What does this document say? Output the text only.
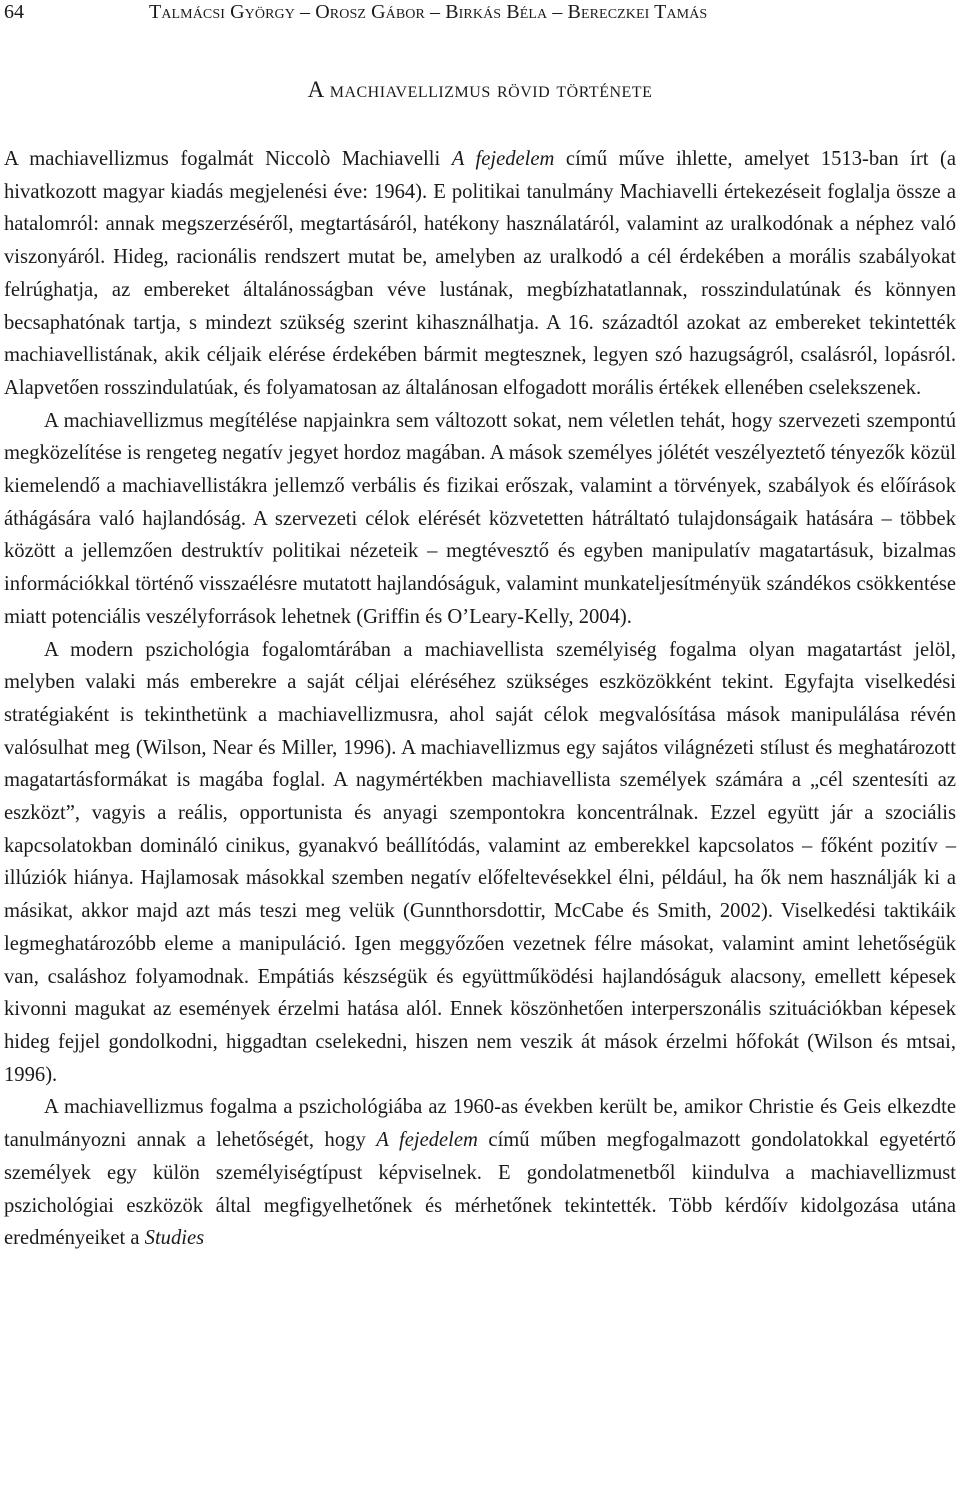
64	Talmácsi György – Orosz Gábor – Birkás Béla – Bereczkei Tamás
A machiavellizmus rövid története

A machiavellizmus fogalmát Niccolò Machiavelli A fejedelem című műve ihlette, amelyet 1513-ban írt (a hivatkozott magyar kiadás megjelenési éve: 1964). E politikai tanulmány Machiavelli értekezéseit foglalja össze a hatalomról: annak megszerzéséről, megtartásáról, hatékony használatáról, valamint az uralkodónak a néphez való viszonyáról. Hideg, racionális rendszert mutat be, amelyben az uralkodó a cél érdekében a morális szabályokat felrúghatja, az embereket általánosságban véve lustának, megbízhatatlannak, rosszindulatúnak és könnyen becsaphatónak tartja, s mindezt szükség szerint kihasználhatja. A 16. századtól azokat az embereket tekintették machiavellistának, akik céljaik elérése érdekében bármit megtesznek, legyen szó hazugságról, csalásról, lopásról. Alapvetően rosszindulatúak, és folyamatosan az általánosan elfogadott morális értékek ellenében cselekszenek.

A machiavellizmus megítélése napjainkra sem változott sokat, nem véletlen tehát, hogy szervezeti szempontú megközelítése is rengeteg negatív jegyet hordoz magában. A mások személyes jólétét veszélyeztető tényezők közül kiemelendő a machiavellistákra jellemző verbális és fizikai erőszak, valamint a törvények, szabályok és előírások áthágására való hajlandóság. A szervezeti célok elérését közvetetten hátráltató tulajdonságaik hatására – többek között a jellemzően destruktív politikai nézeteik – megtévesztő és egyben manipulatív magatartásuk, bizalmas információkkal történő visszaélésre mutatott hajlandóságuk, valamint munkateljesítményük szándékos csökkentése miatt potenciális veszélyforrások lehetnek (Griffin és O’Leary-Kelly, 2004).

A modern pszichológia fogalomtárában a machiavellista személyiség fogalma olyan magatartást jelöl, melyben valaki más emberekre a saját céljai eléréséhez szükséges eszközökként tekint. Egyfajta viselkedési stratégiaként is tekinthetünk a machiavellizmusra, ahol saját célok megvalósítása mások manipulálása révén valósulhat meg (Wilson, Near és Miller, 1996). A machiavellizmus egy sajátos világnézeti stílust és meghatározott magatartásformákat is magába foglal. A nagymértékben machiavellista személyek számára a „cél szentesíti az eszközt”, vagyis a reális, opportunista és anyagi szempontokra koncentrálnak. Ezzel együtt jár a szociális kapcsolatokban domináló cinikus, gyanakvó beállítódás, valamint az emberekkel kapcsolatos – főként pozitív – illúziók hiánya. Hajlamosak másokkal szemben negatív előfeltevésekkel élni, például, ha ők nem használják ki a másikat, akkor majd azt más teszi meg velük (Gunnthorsdottir, McCabe és Smith, 2002). Viselkedési taktikáik legmeghatározóbb eleme a manipuláció. Igen meggyőzően vezetnek félre másokat, valamint amint lehetőségük van, csaláshoz folyamodnak. Empátiás készségük és együttműködési hajlandóságuk alacsony, emellett képesek kivonni magukat az események érzelmi hatása alól. Ennek köszönhetően interperszonális szituációkban képesek hideg fejjel gondolkodni, higgadtan cselekedni, hiszen nem veszik át mások érzelmi hőfokát (Wilson és mtsai, 1996).

A machiavellizmus fogalma a pszichológiába az 1960-as években került be, amikor Christie és Geis elkezdte tanulmányozni annak a lehetőségét, hogy A fejedelem című műben megfogalmazott gondolatokkal egyetértő személyek egy külön személyiségtípust képviselnek. E gondolatmenetből kiindulva a machiavellizmust pszichológiai eszközök által megfigyelhetőnek és mérhetőnek tekintették. Több kérdőív kidolgozása utána eredményeiket a Studies
